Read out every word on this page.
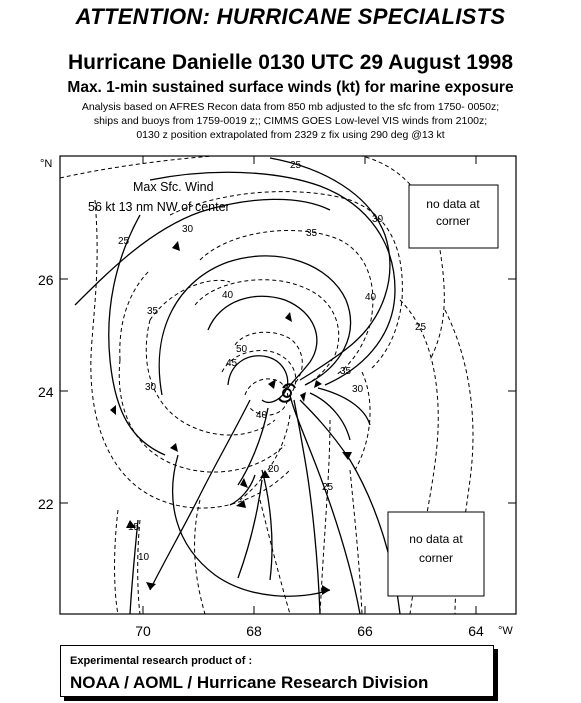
ATTENTION: HURRICANE SPECIALISTS
Hurricane Danielle 0130 UTC 29 August 1998
Max. 1-min sustained surface winds (kt) for marine exposure
Analysis based on AFRES Recon data from 850 mb adjusted to the sfc from 1750- 0050z;
ships and buoys from 1759-0019 z;; CIMMS GOES Low-level VIS winds from 2100z;
0130 z position extrapolated from 2329 z fix using 290 deg @13 kt
25
30
25
35
30
40
25
35
50
45
40
35
30	30
20
15
10
25
40
Max Sfc. Wind
56 kt 13 nm NW of center	no data at
corner
no data at
corner
26
24
22
70	68	66	64
°N
°W
Experimental research product of :
NOAA / AOML / Hurricane Research Division
